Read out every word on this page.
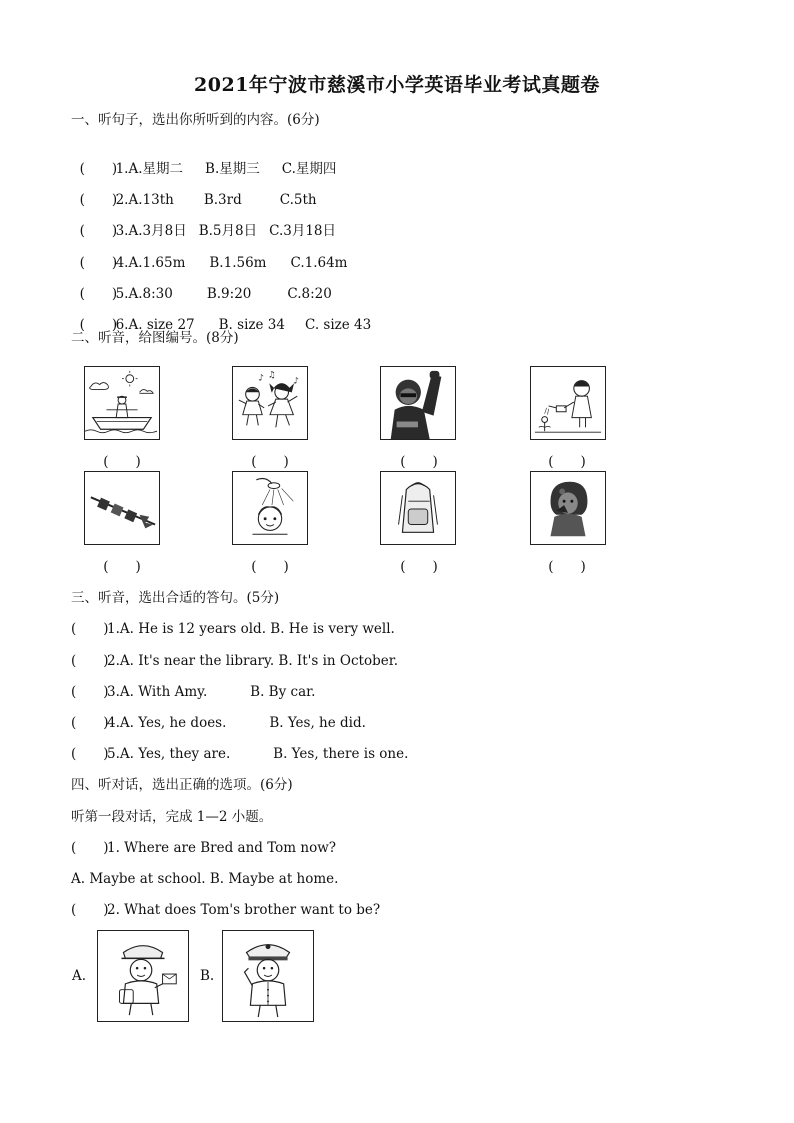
2021年宁波市慈溪市小学英语毕业考试真题卷
一、听句子，选出你所听到的内容。(6分)

(　　)1.A.星期二 B.星期三 C.星期四

(　　)2.A.13th B.3rd	C.5th

(　　)3.A.3月8日 B.5月8日 C.3月18日

(　　)4.A.1.65m B.1.56m C.1.64m

(　　)5.A.8:30	B.9:20	C.8:20

(　　)6.A. size 27 B. size 34 C. size 43

二、听音，给图编号。(8分)
♪ ♫
♪
(　　)	(　　)	(　　)	(　　)
(　　)	(　　)	(　　)	(　　)
三、听音，选出合适的答句。(5分)
(　　)1.A. He is 12 years old. B. He is very well.
(　　)2.A. It's near the library. B. It's in October.
(　　)3.A. With Amy.          B. By car.
(　　)4.A. Yes, he does.          B. Yes, he did.
(　　)5.A. Yes, they are.          B. Yes, there is one.
四、听对话，选出正确的选项。(6分)
听第一段对话，完成 1—2 小题。
(　　)1. Where are Bred and Tom now?
A. Maybe at school. B. Maybe at home.
(　　)2. What does Tom's brother want to be?
A.	B.
